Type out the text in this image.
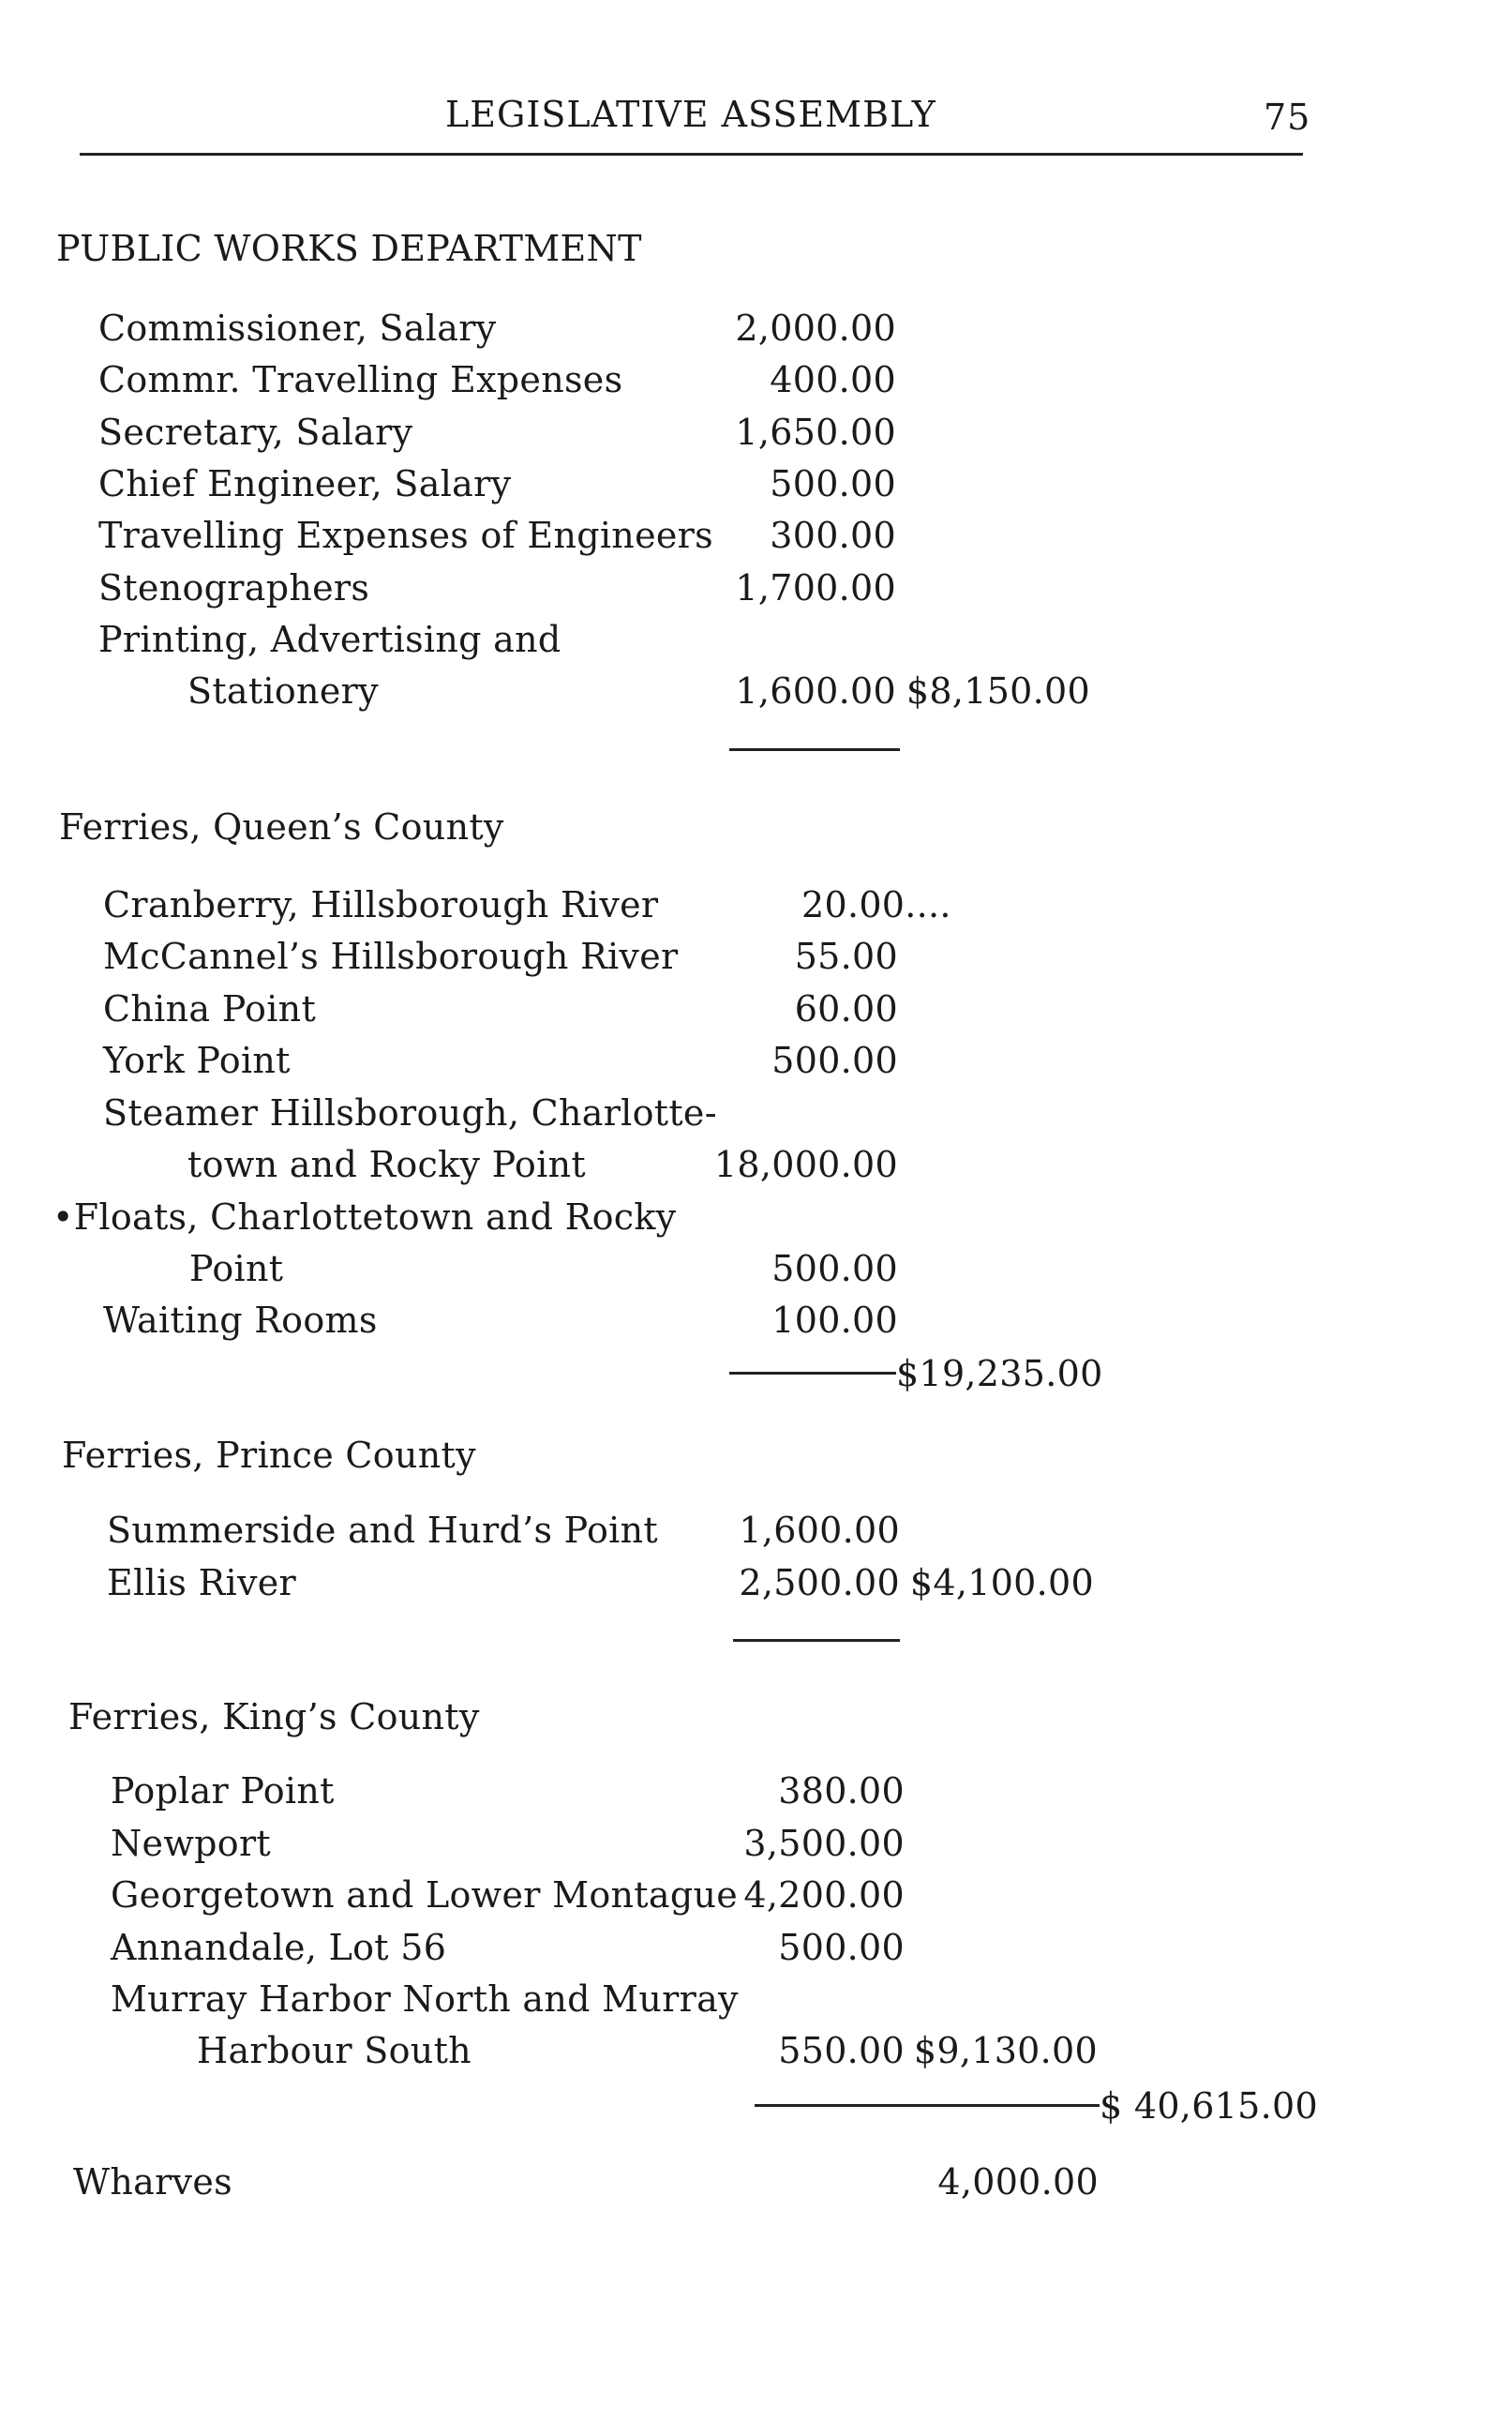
LEGISLATIVE ASSEMBLY	75
PUBLIC WORKS DEPARTMENT
Commissioner, Salary	2,000.00
Commr. Travelling Expenses	400.00
Secretary, Salary	1,650.00
Chief Engineer, Salary	500.00
Travelling Expenses of Engineers 300.00
Stenographers	1,700.00
Printing, Advertising and
Stationery	1,600.00 $8,150.00
Ferries, Queen’s County
Cranberry, Hillsborough River	20.00....
McCannel’s Hillsborough River	55.00
China Point	60.00
York Point	500.00
Steamer Hillsborough, Charlotte-
town and Rocky Point	18,000.00
•Floats, Charlottetown and Rocky
Point	500.00
Waiting Rooms	100.00
$19,235.00
Ferries, Prince County
Summerside and Hurd’s Point 1,600.00
Ellis River	2,500.00 $4,100.00
Ferries, King’s County
Poplar Point	380.00
Newport	3,500.00
Georgetown and Lower Montague 4,200.00
Annandale, Lot 56	500.00
Murray Harbor North and Murray
Harbour South	550.00 $9,130.00
$ 40,615.00
Wharves	4,000.00
